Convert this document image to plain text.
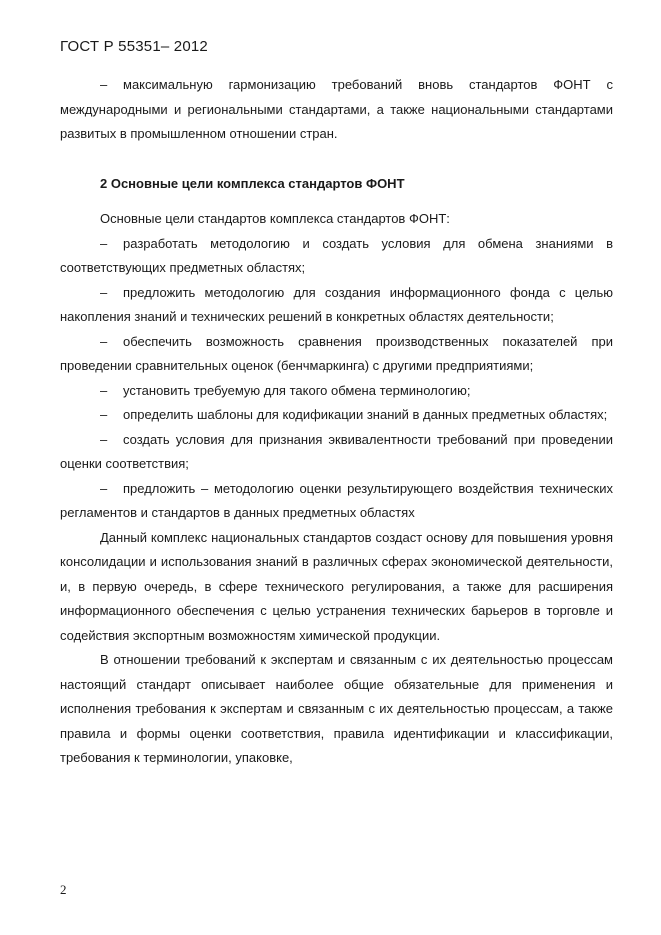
ГОСТ Р 55351– 2012

– максимальную гармонизацию требований вновь стандартов ФОНТ с международными и региональными стандартами, а также национальными стандартами развитых в промышленном отношении стран.

2 Основные цели комплекса стандартов ФОНТ

Основные цели стандартов комплекса стандартов ФОНТ:

– разработать методологию и создать условия для обмена знаниями в соответствующих предметных областях;

– предложить методологию для создания информационного фонда с целью накопления знаний и технических решений в конкретных областях деятельности;

– обеспечить возможность сравнения производственных показателей при проведении сравнительных оценок (бенчмаркинга) с другими предприятиями;

– установить требуемую для такого обмена терминологию;

– определить шаблоны для кодификации знаний в данных предметных областях;

– создать условия для признания эквивалентности требований при проведении оценки соответствия;

– предложить – методологию оценки результирующего воздействия технических регламентов и стандартов в данных предметных областях

Данный комплекс национальных стандартов создаст основу для повышения уровня консолидации и использования знаний в различных сферах экономической деятельности, и, в первую очередь, в сфере технического регулирования, а также для расширения информационного обеспечения с целью устранения технических барьеров в торговле и содействия экспортным возможностям химической продукции.

В отношении требований к экспертам и связанным с их деятельностью процессам настоящий стандарт описывает наиболее общие обязательные для применения и исполнения требования к экспертам и связанным с их деятельностью процессам, а также правила и формы оценки соответствия, правила идентификации и классификации, требования к терминологии, упаковке,

2
